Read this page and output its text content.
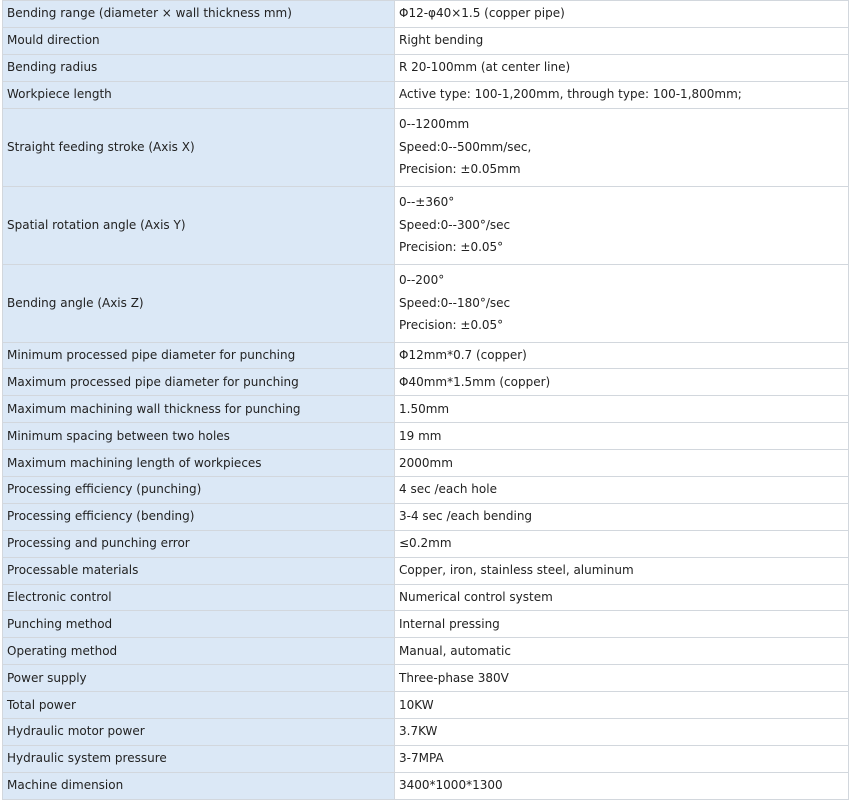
Bending range (diameter × wall thickness mm)	Φ12-φ40×1.5 (copper pipe)
Mould direction	Right bending
Bending radius	R 20-100mm (at center line)
Workpiece length	Active type: 100-1,200mm, through type: 100-1,800mm;
Straight feeding stroke (Axis X)	0--1200mm
Speed:0--500mm/sec,
Precision: ±0.05mm

Spatial rotation angle (Axis Y)	0--±360°
Speed:0--300°/sec
Precision: ±0.05°

Bending angle (Axis Z)	0--200°
Speed:0--180°/sec
Precision: ±0.05°

Minimum processed pipe diameter for punching	Φ12mm*0.7 (copper)
Maximum processed pipe diameter for punching	Φ40mm*1.5mm (copper)
Maximum machining wall thickness for punching	1.50mm
Minimum spacing between two holes	19 mm
Maximum machining length of workpieces	2000mm
Processing efficiency (punching)	4 sec /each hole
Processing efficiency (bending)	3-4 sec /each bending
Processing and punching error	≤0.2mm
Processable materials	Copper, iron, stainless steel, aluminum
Electronic control	Numerical control system
Punching method	Internal pressing
Operating method	Manual, automatic
Power supply	Three-phase 380V
Total power	10KW
Hydraulic motor power	3.7KW
Hydraulic system pressure	3-7MPA
Machine dimension	3400*1000*1300
